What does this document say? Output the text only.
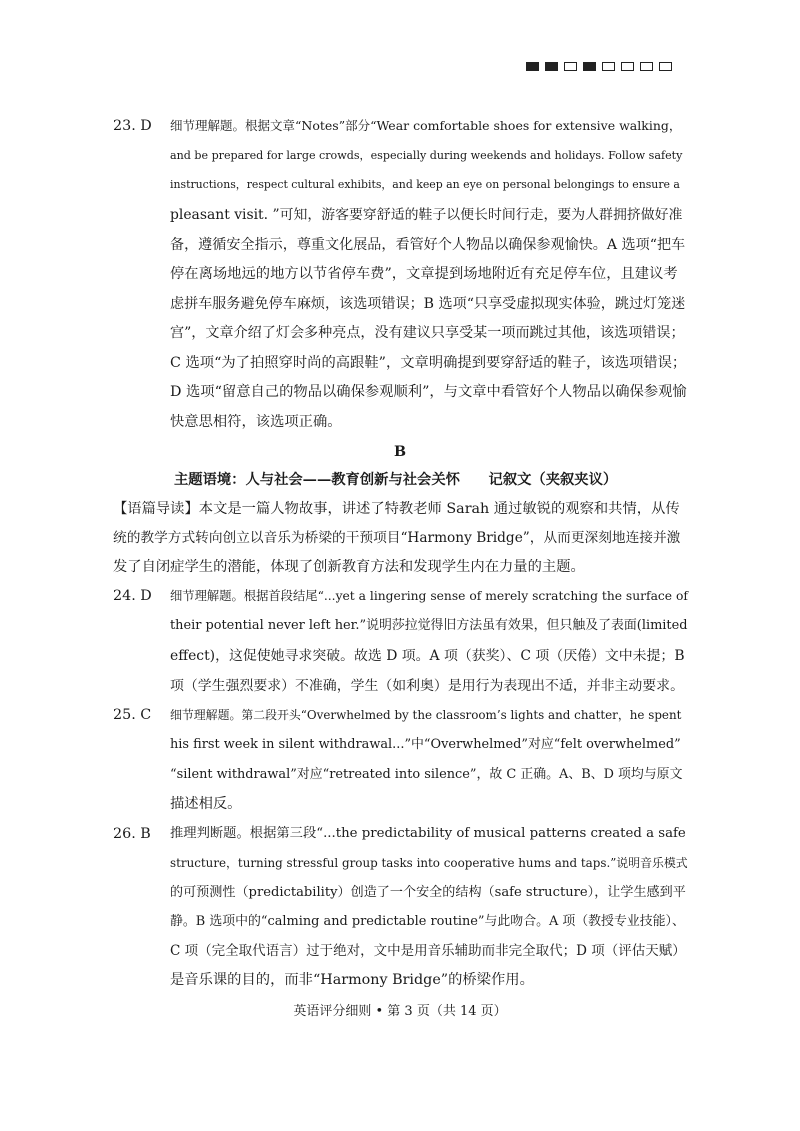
23. D 细节理解题。根据文章“Notes”部分“Wear comfortable shoes for extensive walking，
and be prepared for large crowds，especially during weekends and holidays. Follow safety
instructions，respect cultural exhibits，and keep an eye on personal belongings to ensure a
pleasant visit. ”可知，游客要穿舒适的鞋子以便长时间行走，要为人群拥挤做好准
备，遵循安全指示，尊重文化展品，看管好个人物品以确保参观愉快。A 选项“把车
停在离场地远的地方以节省停车费”，文章提到场地附近有充足停车位，且建议考
虑拼车服务避免停车麻烦，该选项错误；B 选项“只享受虚拟现实体验，跳过灯笼迷
宫”，文章介绍了灯会多种亮点，没有建议只享受某一项而跳过其他，该选项错误；
C 选项“为了拍照穿时尚的高跟鞋”，文章明确提到要穿舒适的鞋子，该选项错误；
D 选项“留意自己的物品以确保参观顺利”，与文章中看管好个人物品以确保参观愉
快意思相符，该选项正确。
B
主题语境：人与社会——教育创新与社会关怀　　记叙文（夹叙夹议）
【语篇导读】本文是一篇人物故事，讲述了特教老师 Sarah 通过敏锐的观察和共情，从传
统的教学方式转向创立以音乐为桥梁的干预项目“Harmony Bridge”，从而更深刻地连接并激
发了自闭症学生的潜能，体现了创新教育方法和发现学生内在力量的主题。
24. D 细节理解题。根据首段结尾“...yet a lingering sense of merely scratching the surface of
their potential never left her.”说明莎拉觉得旧方法虽有效果，但只触及了表面(limited
effect)，这促使她寻求突破。故选 D 项。A 项（获奖）、C 项（厌倦）文中未提；B
项（学生强烈要求）不准确，学生（如利奥）是用行为表现出不适，并非主动要求。
25. C 细节理解题。第二段开头“Overwhelmed by the classroom’s lights and chatter，he spent
his first week in silent withdrawal...”中“Overwhelmed”对应“felt overwhelmed”
“silent withdrawal”对应“retreated into silence”，故 C 正确。A、B、D 项均与原文
描述相反。
26. B 推理判断题。根据第三段“...the predictability of musical patterns created a safe
structure，turning stressful group tasks into cooperative hums and taps.”说明音乐模式
的可预测性（predictability）创造了一个安全的结构（safe structure），让学生感到平
静。B 选项中的“calming and predictable routine”与此吻合。A 项（教授专业技能）、
C 项（完全取代语言）过于绝对，文中是用音乐辅助而非完全取代；D 项（评估天赋）
是音乐课的目的，而非“Harmony Bridge”的桥梁作用。
英语评分细则 • 第 3 页（共 14 页）
